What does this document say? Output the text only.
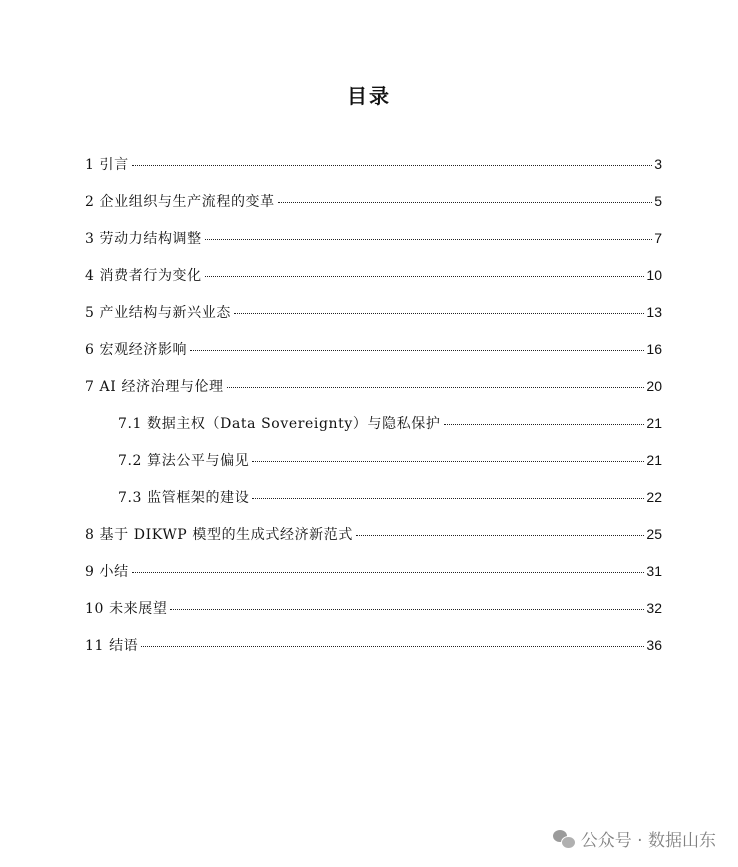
目录
1 引言	3
2 企业组织与生产流程的变革	5
3 劳动力结构调整	7
4 消费者行为变化	10
5 产业结构与新兴业态	13
6 宏观经济影响	16
7 AI 经济治理与伦理	20
7.1 数据主权（Data Sovereignty）与隐私保护	21
7.2 算法公平与偏见	21
7.3 监管框架的建设	22
8 基于 DIKWP 模型的生成式经济新范式	25
9 小结	31
10 未来展望	32
11 结语	36
公众号 · 数据山东
